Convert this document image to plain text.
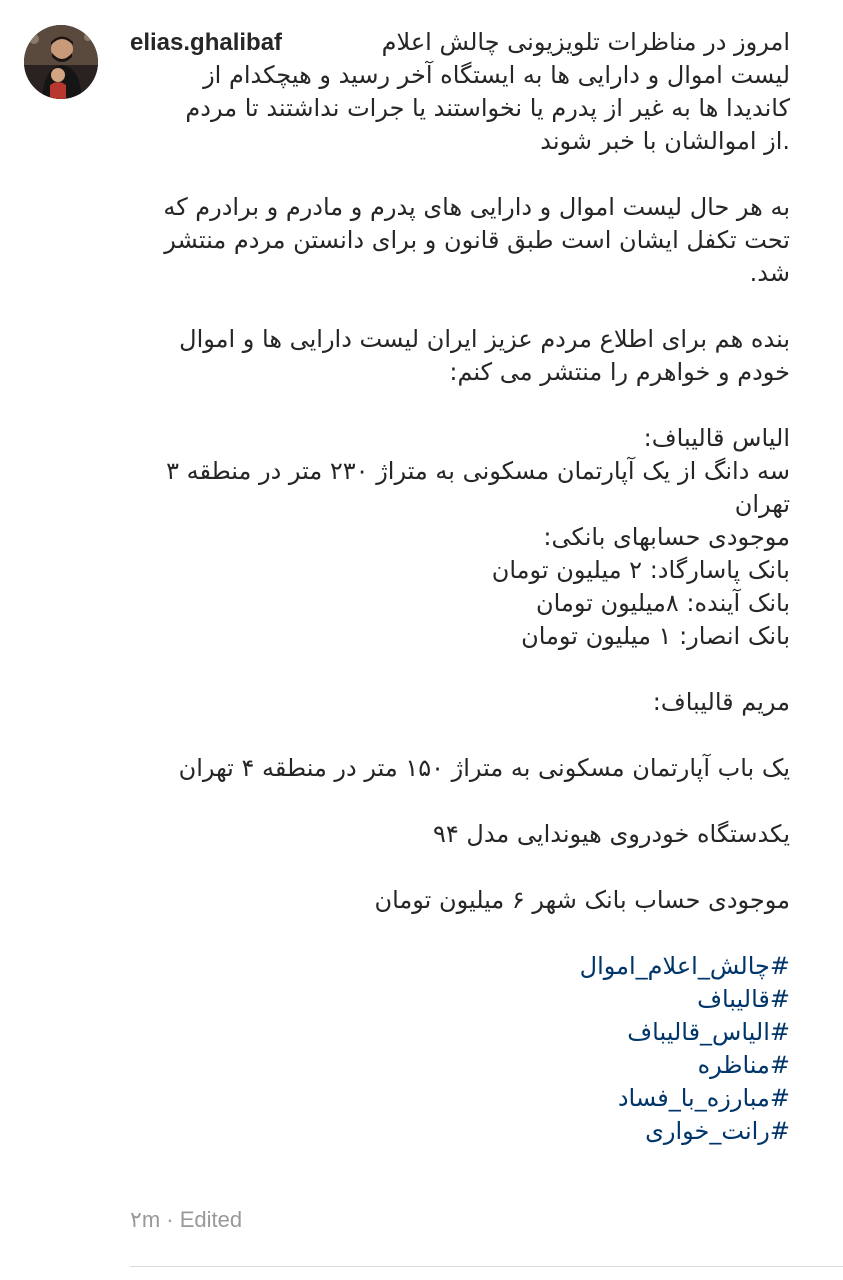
elias.ghalibaf	امروز در مناظرات تلویزیونی چالش اعلام
لیست اموال و دارایی ها به ایستگاه آخر رسید و هیچکدام از
کاندیدا ها به غیر از پدرم یا نخواستند یا جرات نداشتند تا مردم
.از اموالشان با خبر شوند
به هر حال لیست اموال و دارایی های پدرم و مادرم و برادرم که
تحت تکفل ایشان است طبق قانون و برای دانستن مردم منتشر
شد.
بنده هم برای اطلاع مردم عزیز ایران لیست دارایی ها و اموال
خودم و خواهرم را منتشر می کنم:
الیاس قالیباف:
سه دانگ از یک آپارتمان مسکونی به متراژ ۲۳۰ متر در منطقه ۳
تهران
موجودی حسابهای بانکی:
بانک پاسارگاد: ۲ میلیون تومان
بانک آینده: ۸میلیون تومان
بانک انصار: ۱ میلیون تومان
مریم قالیباف:
یک باب آپارتمان مسکونی به متراژ ۱۵۰ متر در منطقه ۴ تهران
یکدستگاه خودروی هیوندایی مدل ۹۴
موجودی حساب بانک شهر ۶ میلیون تومان
#چالش_اعلام_اموال
#قالیباف
#الیاس_قالیباف
#مناظره
#مبارزه_با_فساد
#رانت_خواری
۲m · Edited
